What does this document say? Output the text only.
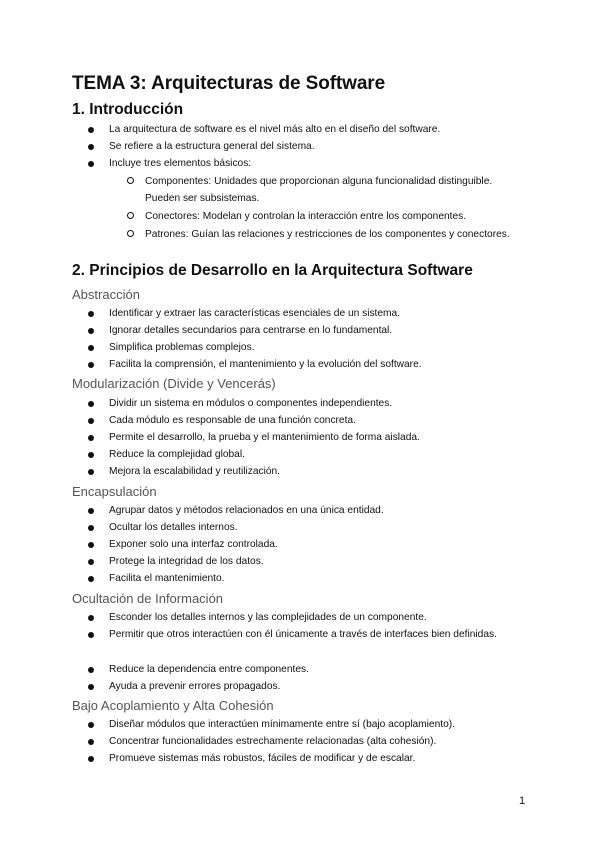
TEMA 3: Arquitecturas de Software
1. Introducción
La arquitectura de software es el nivel más alto en el diseño del software.
Se refiere a la estructura general del sistema.
Incluye tres elementos básicos:
Componentes: Unidades que proporcionan alguna funcionalidad distinguible. Pueden ser subsistemas.
Conectores: Modelan y controlan la interacción entre los componentes.
Patrones: Guían las relaciones y restricciones de los componentes y conectores.
2. Principios de Desarrollo en la Arquitectura Software
Abstracción
Identificar y extraer las características esenciales de un sistema.
Ignorar detalles secundarios para centrarse en lo fundamental.
Simplifica problemas complejos.
Facilita la comprensión, el mantenimiento y la evolución del software.
Modularización (Divide y Vencerás)
Dividir un sistema en módulos o componentes independientes.
Cada módulo es responsable de una función concreta.
Permite el desarrollo, la prueba y el mantenimiento de forma aislada.
Reduce la complejidad global.
Mejora la escalabilidad y reutilización.
Encapsulación
Agrupar datos y métodos relacionados en una única entidad.
Ocultar los detalles internos.
Exponer solo una interfaz controlada.
Protege la integridad de los datos.
Facilita el mantenimiento.
Ocultación de Información
Esconder los detalles internos y las complejidades de un componente.
Permitir que otros interactúen con él únicamente a través de interfaces bien definidas.
Reduce la dependencia entre componentes.
Ayuda a prevenir errores propagados.
Bajo Acoplamiento y Alta Cohesión
Diseñar módulos que interactúen mínimamente entre sí (bajo acoplamiento).
Concentrar funcionalidades estrechamente relacionadas (alta cohesión).
Promueve sistemas más robustos, fáciles de modificar y de escalar.
1
